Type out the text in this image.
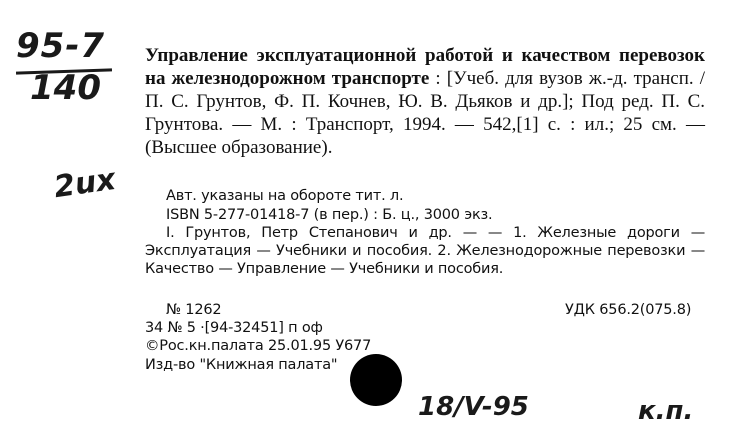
95-7
140
2ux
Управление эксплуатационной работой и качеством перевозок на железнодорожном транспорте : [Учеб. для вузов ж.-д. трансп. / П. С. Грунтов, Ф. П. Кочнев, Ю. В. Дьяков и др.]; Под ред. П. С. Грунтова. — М. : Транспорт, 1994. — 542,[1] с. : ил.; 25 см. — (Высшее образование).
Авт. указаны на обороте тит. л.
ISBN 5-277-01418-7 (в пер.) : Б. ц., 3000 экз.
I. Грунтов, Петр Степанович и др. — — 1. Железные дороги — Эксплуатация — Учебники и пособия. 2. Железнодорожные перевозки — Качество — Управление — Учебники и пособия.
№ 1262	УДК 656.2(075.8)
34 № 5 ·[94-32451] п оф
©Рос.кн.палата 25.01.95 У677
Изд-во "Книжная палата"
18/V-95	к.п.
